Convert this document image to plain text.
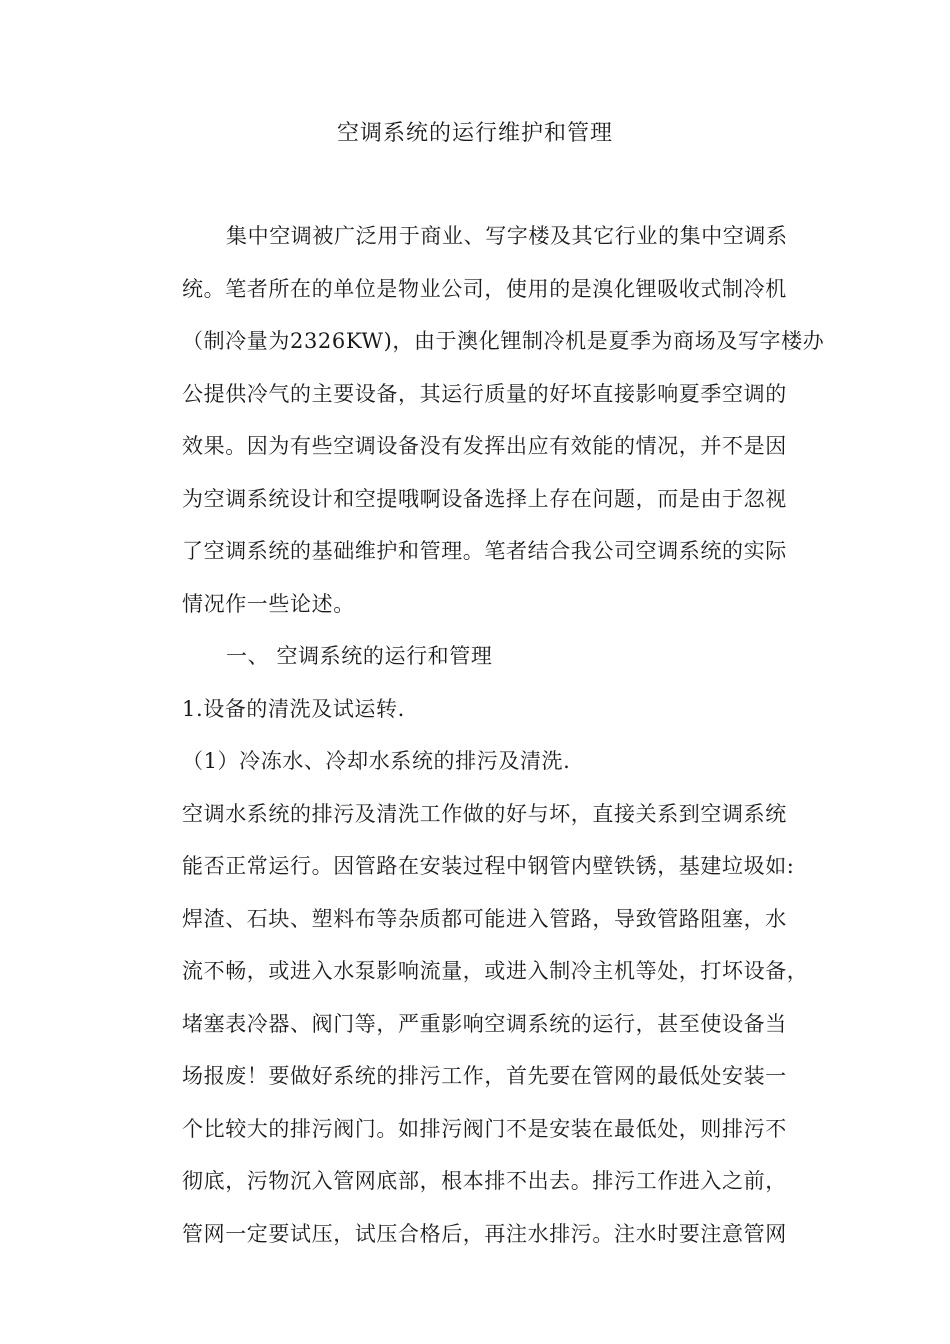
空调系统的运行维护和管理
集中空调被广泛用于商业、写字楼及其它行业的集中空调系
统。笔者所在的单位是物业公司，使用的是溴化锂吸收式制冷机
（制冷量为2326KW)，由于澳化锂制冷机是夏季为商场及写字楼办
公提供冷气的主要设备，其运行质量的好坏直接影响夏季空调的
效果。因为有些空调设备没有发挥出应有效能的情况，并不是因
为空调系统设计和空提哦啊设备选择上存在问题，而是由于忽视
了空调系统的基础维护和管理。笔者结合我公司空调系统的实际
情况作一些论述。
一、 空调系统的运行和管理
1.设备的清洗及试运转.
（1）冷冻水、冷却水系统的排污及清洗.
空调水系统的排污及清洗工作做的好与坏，直接关系到空调系统
能否正常运行。因管路在安装过程中钢管内壁铁锈，基建垃圾如:
焊渣、石块、塑料布等杂质都可能进入管路，导致管路阻塞，水
流不畅，或进入水泵影响流量，或进入制冷主机等处，打坏设备，
堵塞表冷器、阀门等，严重影响空调系统的运行，甚至使设备当
场报废！要做好系统的排污工作，首先要在管网的最低处安装一
个比较大的排污阀门。如排污阀门不是安装在最低处，则排污不
彻底，污物沉入管网底部，根本排不出去。排污工作进入之前，
管网一定要试压，试压合格后，再注水排污。注水时要注意管网
